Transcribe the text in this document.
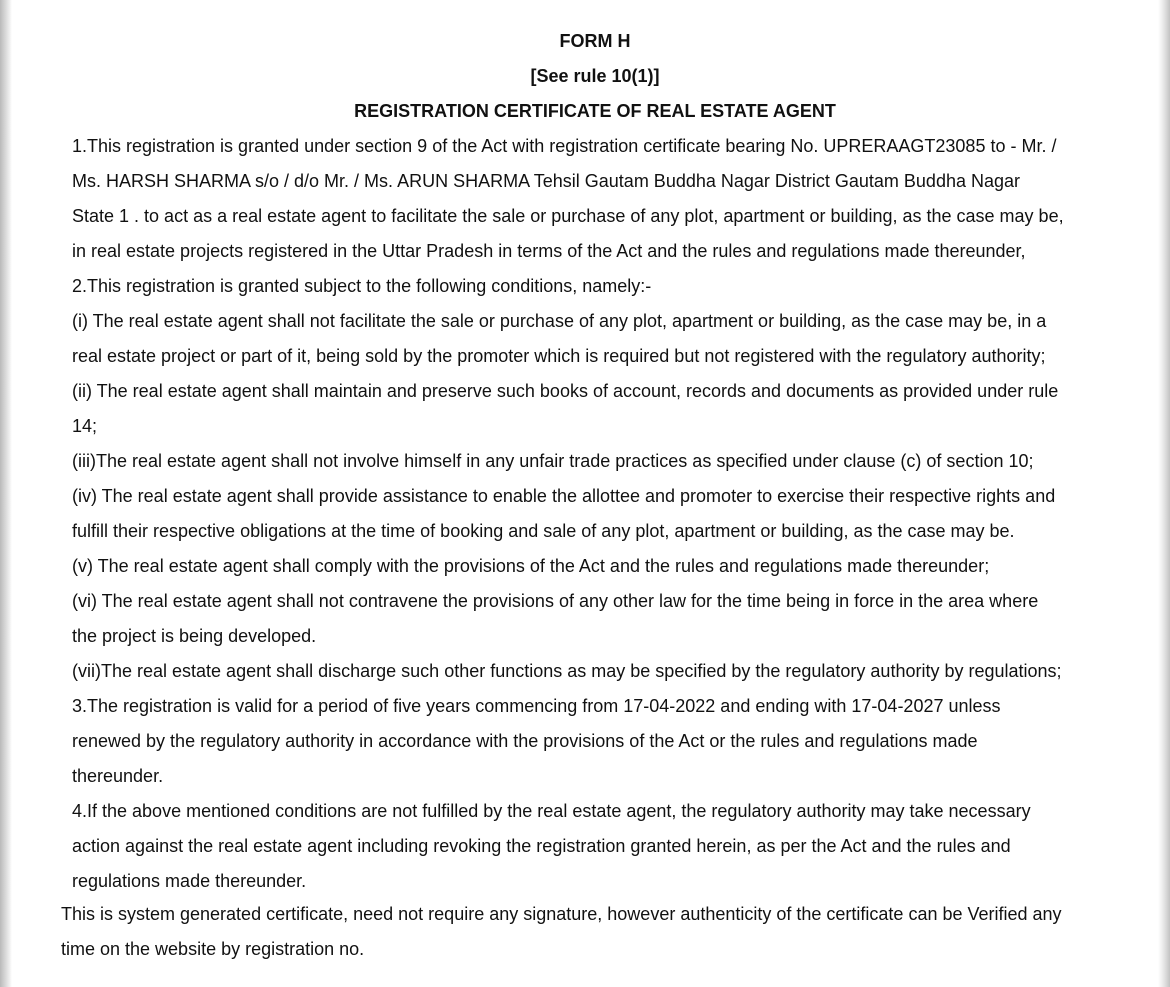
FORM H
[See rule 10(1)]
REGISTRATION CERTIFICATE OF REAL ESTATE AGENT
1.This registration is granted under section 9 of the Act with registration certificate bearing No. UPRERAAGT23085 to - Mr. /
Ms. HARSH SHARMA s/o / d/o Mr. / Ms. ARUN SHARMA Tehsil Gautam Buddha Nagar District Gautam Buddha Nagar
State 1 . to act as a real estate agent to facilitate the sale or purchase of any plot, apartment or building, as the case may be,
in real estate projects registered in the Uttar Pradesh in terms of the Act and the rules and regulations made thereunder,
2.This registration is granted subject to the following conditions, namely:-
(i) The real estate agent shall not facilitate the sale or purchase of any plot, apartment or building, as the case may be, in a
real estate project or part of it, being sold by the promoter which is required but not registered with the regulatory authority;
(ii) The real estate agent shall maintain and preserve such books of account, records and documents as provided under rule
14;
(iii)The real estate agent shall not involve himself in any unfair trade practices as specified under clause (c) of section 10;
(iv) The real estate agent shall provide assistance to enable the allottee and promoter to exercise their respective rights and
fulfill their respective obligations at the time of booking and sale of any plot, apartment or building, as the case may be.
(v) The real estate agent shall comply with the provisions of the Act and the rules and regulations made thereunder;
(vi) The real estate agent shall not contravene the provisions of any other law for the time being in force in the area where
the project is being developed.
(vii)The real estate agent shall discharge such other functions as may be specified by the regulatory authority by regulations;
3.The registration is valid for a period of five years commencing from 17-04-2022 and ending with 17-04-2027 unless
renewed by the regulatory authority in accordance with the provisions of the Act or the rules and regulations made
thereunder.
4.If the above mentioned conditions are not fulfilled by the real estate agent, the regulatory authority may take necessary
action against the real estate agent including revoking the registration granted herein, as per the Act and the rules and
regulations made thereunder.
This is system generated certificate, need not require any signature, however authenticity of the certificate can be Verified any
time on the website by registration no.
